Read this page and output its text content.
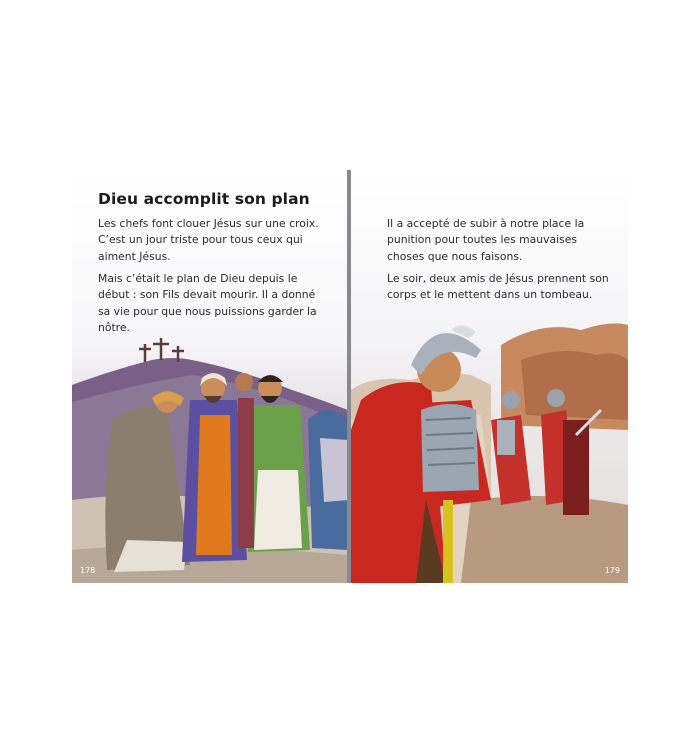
Dieu accomplit son plan

Les chefs font clouer Jésus sur une croix.
C’est un jour triste pour tous ceux qui
aiment Jésus.

Mais c’était le plan de Dieu depuis le
début : son Fils devait mourir. Il a donné
sa vie pour que nous puissions garder la
nôtre.

178

Il a accepté de subir à notre place la
punition pour toutes les mauvaises
choses que nous faisons.

Le soir, deux amis de Jésus prennent son
corps et le mettent dans un tombeau.

179
